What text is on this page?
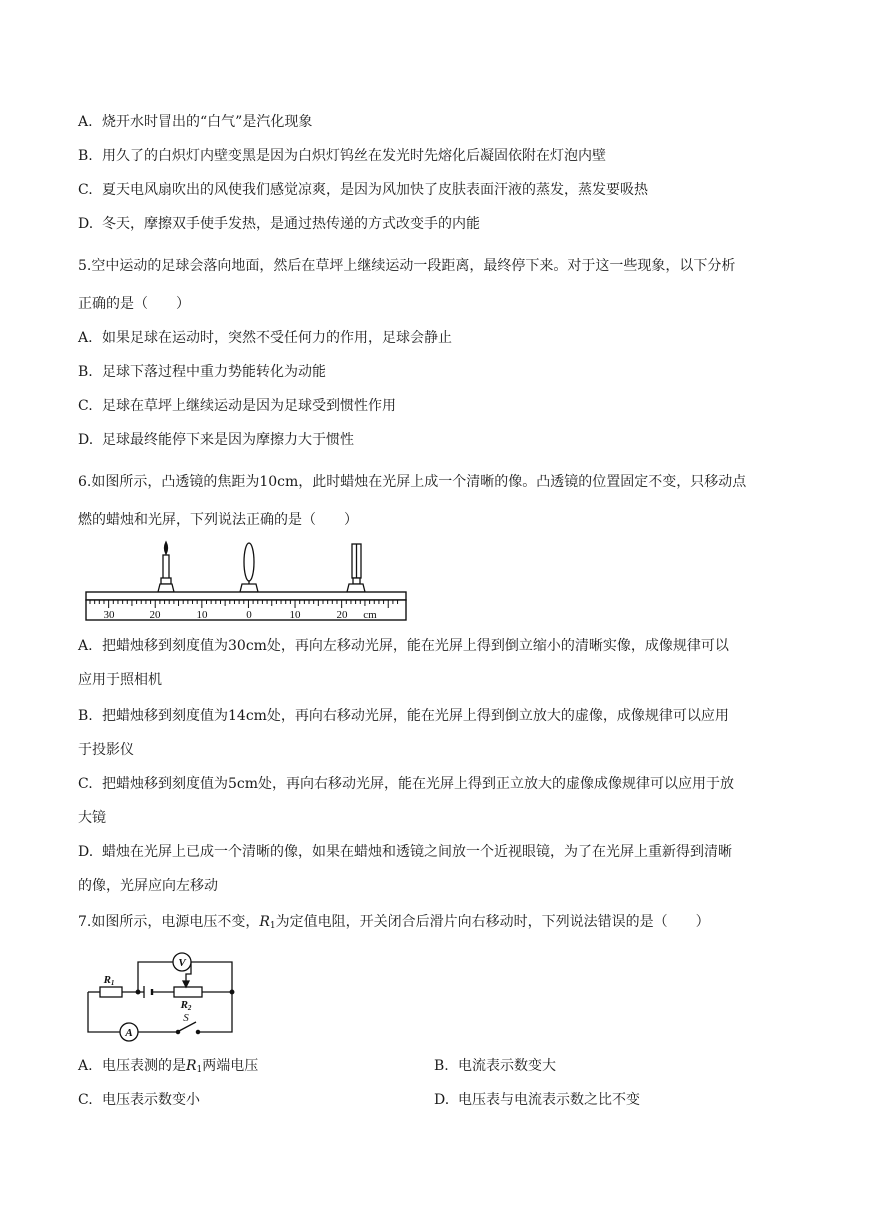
A. 烧开水时冒出的“白气”是汽化现象
B. 用久了的白炽灯内壁变黑是因为白炽灯钨丝在发光时先熔化后凝固依附在灯泡内壁
C. 夏天电风扇吹出的风使我们感觉凉爽，是因为风加快了皮肤表面汗液的蒸发，蒸发要吸热
D. 冬天，摩擦双手使手发热，是通过热传递的方式改变手的内能
5.空中运动的足球会落向地面，然后在草坪上继续运动一段距离，最终停下来。对于这一些现象，以下分析
正确的是（　　）
A. 如果足球在运动时，突然不受任何力的作用，足球会静止
B. 足球下落过程中重力势能转化为动能
C. 足球在草坪上继续运动是因为足球受到惯性作用
D. 足球最终能停下来是因为摩擦力大于惯性
6.如图所示，凸透镜的焦距为10cm，此时蜡烛在光屏上成一个清晰的像。凸透镜的位置固定不变，只移动点
燃的蜡烛和光屏，下列说法正确的是（　　）
30	20	10	0	10	20 cm
A. 把蜡烛移到刻度值为30cm处，再向左移动光屏，能在光屏上得到倒立缩小的清晰实像，成像规律可以
应用于照相机
B. 把蜡烛移到刻度值为14cm处，再向右移动光屏，能在光屏上得到倒立放大的虚像，成像规律可以应用
于投影仪
C. 把蜡烛移到刻度值为5cm处，再向右移动光屏，能在光屏上得到正立放大的虚像成像规律可以应用于放
大镜
D. 蜡烛在光屏上已成一个清晰的像，如果在蜡烛和透镜之间放一个近视眼镜，为了在光屏上重新得到清晰
的像，光屏应向左移动
7.如图所示，电源电压不变，$R_1$为定值电阻，开关闭合后滑片向右移动时，下列说法错误的是（　　）
V
A
R1
R2
S
A. 电压表测的是$R_1$两端电压	B. 电流表示数变大
C. 电压表示数变小	D. 电压表与电流表示数之比不变
